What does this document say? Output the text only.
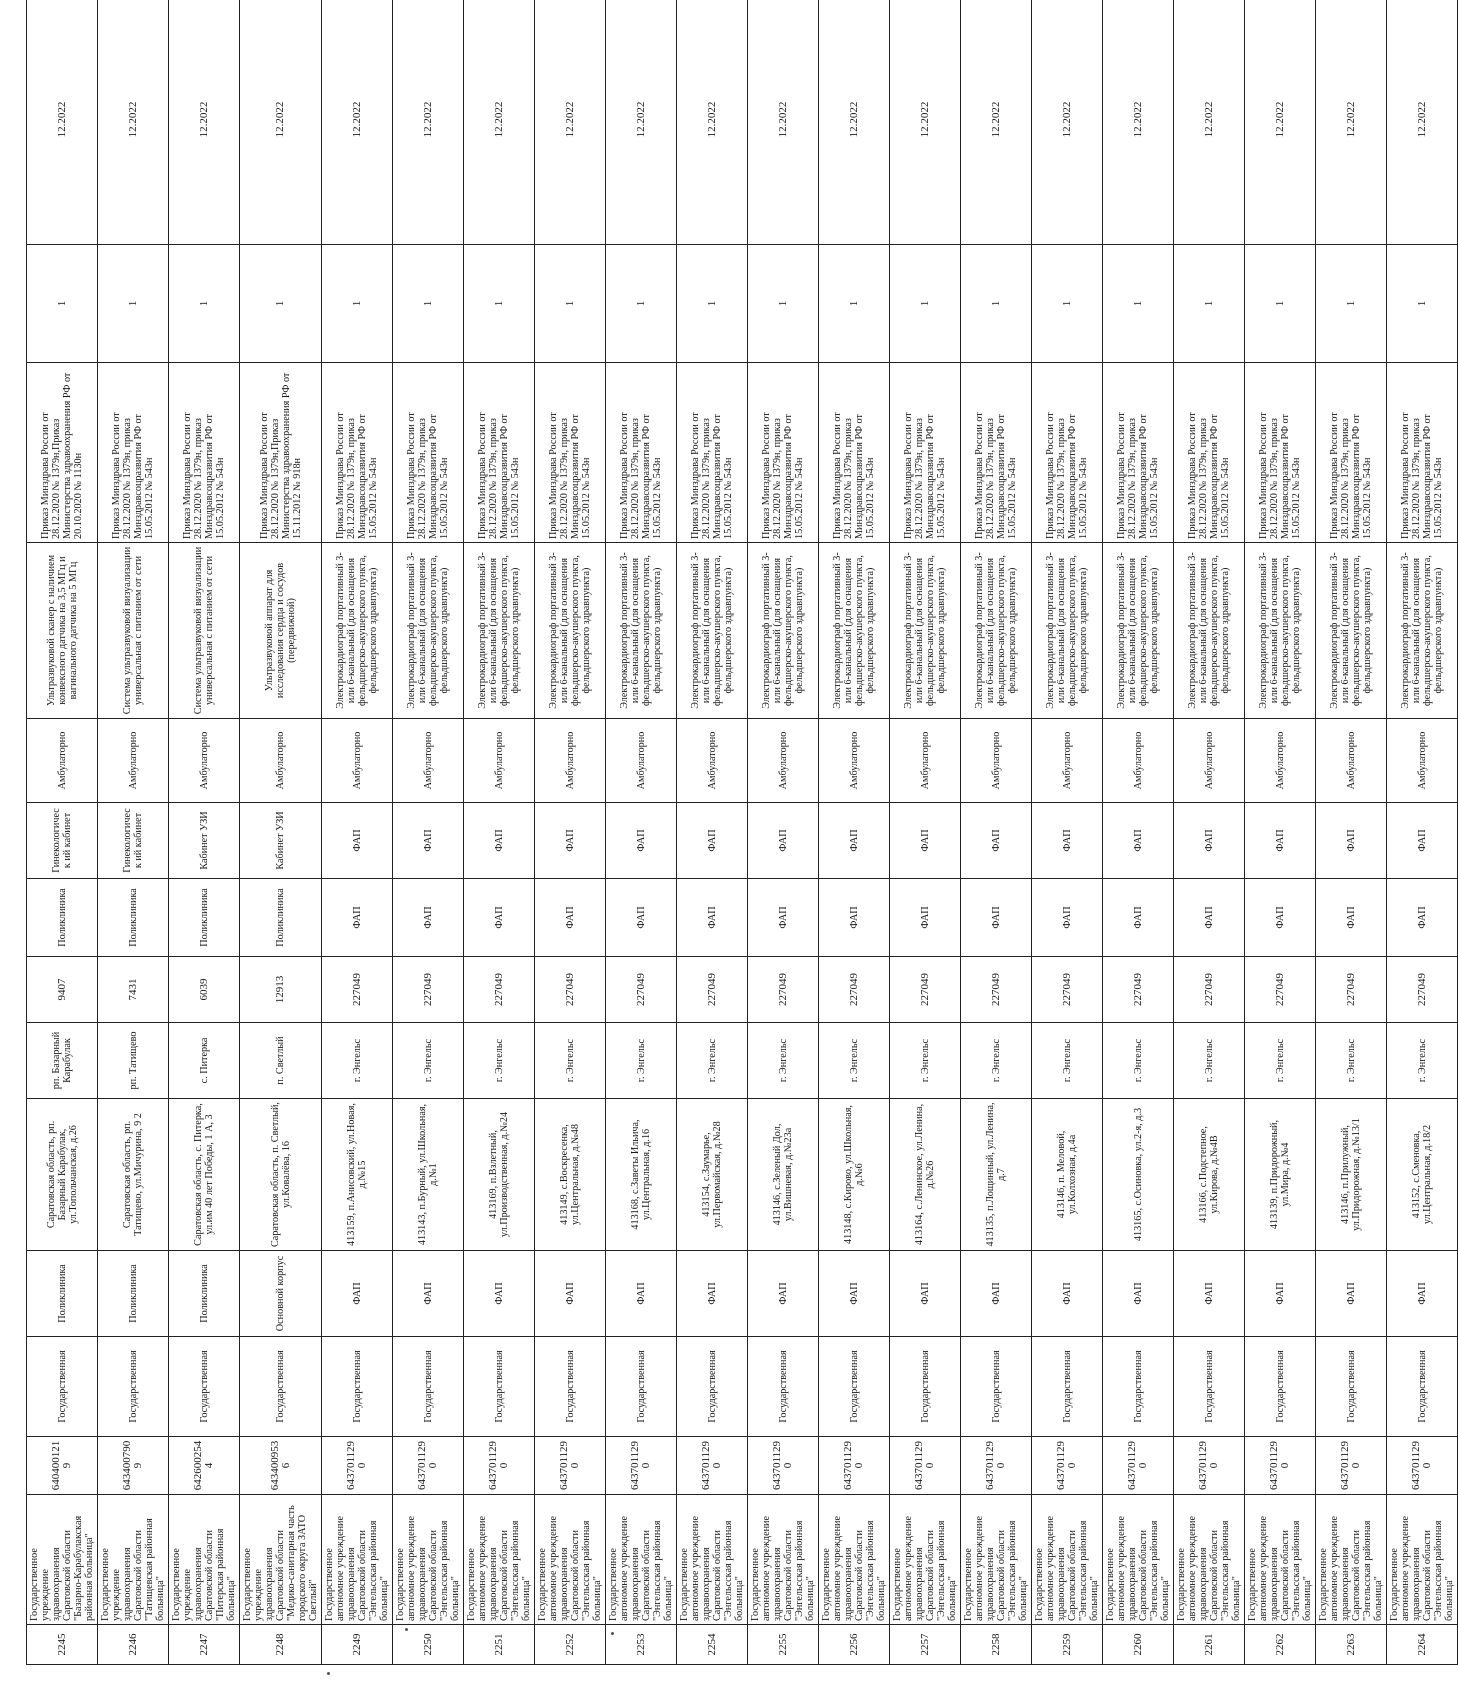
2245	Государственное учреждение здравоохранения Саратовской области "Базарно-Карабулакская районная больница"	6404001219	Государственная	Поликлиника	Саратовская область, рп. Базарный Карабулак, ул.Топольчанская, д.26	рп. Базарный Карабулак	9407	Поликлиника	Гинекологическ ий кабинет	Амбулаторно	Ультразвуковой сканер с наличием конвексного датчика на 3,5 МГц и вагинального датчика на 5 МГц	Приказ Минздрава России от 28.12.2020 № 1379н,Приказ Министерства здравоохранения РФ от 20.10.2020 № 1130н	1	12.2022
2246	Государственное учреждение здравоохранения Саратовской области "Татищевская районная больница"	6434007909	Государственная	Поликлиника	Саратовская область, рп. Татищево, ул.Мичурина, 9 2	рп. Татищево	7431	Поликлиника	Гинекологическ ий кабинет	Амбулаторно	Система ультразвуковой визуализации универсальная с питанием от сети	Приказ Минздрава России от 28.12.2020 № 1379н, приказ Минздравсоцразвития РФ от 15.05.2012 № 543н	1	12.2022
2247	Государственное учреждение здравоохранения Саратовской области "Питерская районная больница"	6426002544	Государственная	Поликлиника	Саратовская область, с. Питерка, ул.им 40 лет Победы, 1 А, 3	с. Питерка	6039	Поликлиника	Кабинет УЗИ	Амбулаторно	Система ультразвуковой визуализации универсальная с питанием от сети	Приказ Минздрава России от 28.12.2020 № 1379н, приказ Минздравсоцразвития РФ от 15.05.2012 № 543н	1	12.2022
2248	Государственное учреждение здравоохранения Саратовской области "Медико-санитарная часть городского округа ЗАТО Светлый"	6434009536	Государственная	Основной корпус	Саратовская область, п. Светлый, ул.Ковалёва, 16	п. Светлый	12913	Поликлиника	Кабинет УЗИ	Амбулаторно	Ультразвуковой аппарат для исследования сердца и сосудов (передвижной)	Приказ Минздрава России от 28.12.2020 № 1379н,Приказ Министерства здравоохранения РФ от 15.11.2012 № 918н	1	12.2022
2249	Государственное автономное учреждение здравоохранения Саратовской области "Энгельсская районная больница"	6437011290	Государственная	ФАП	413159, п.Анисовский, ул.Новая, д.№15	г. Энгельс	227049	ФАП	ФАП	Амбулаторно	Электрокардиограф портативный 3-или 6-канальный (для оснащения фельдшерско-акушерского пункта, фельдшерского здравпункта)	Приказ Минздрава России от 28.12.2020 № 1379н, приказ Минздравсоцразвития РФ от 15.05.2012 № 543н	1	12.2022
2250	Государственное автономное учреждение здравоохранения Саратовской области "Энгельсская районная больница"	6437011290	Государственная	ФАП	413143, п.Бурный, ул.Школьная, д.№1	г. Энгельс	227049	ФАП	ФАП	Амбулаторно	Электрокардиограф портативный 3-или 6-канальный (для оснащения фельдшерско-акушерского пункта, фельдшерского здравпункта)	Приказ Минздрава России от 28.12.2020 № 1379н, приказ Минздравсоцразвития РФ от 15.05.2012 № 543н	1	12.2022
2251	Государственное автономное учреждение здравоохранения Саратовской области "Энгельсская районная больница"	6437011290	Государственная	ФАП	413169, п.Взлетный, ул.Производственная, д.№24	г. Энгельс	227049	ФАП	ФАП	Амбулаторно	Электрокардиограф портативный 3-или 6-канальный (для оснащения фельдшерско-акушерского пункта, фельдшерского здравпункта)	Приказ Минздрава России от 28.12.2020 № 1379н, приказ Минздравсоцразвития РФ от 15.05.2012 № 543н	1	12.2022
2252	Государственное автономное учреждение здравоохранения Саратовской области "Энгельсская районная больница"	6437011290	Государственная	ФАП	413149, с.Воскресенка, ул.Центральная, д.№48	г. Энгельс	227049	ФАП	ФАП	Амбулаторно	Электрокардиограф портативный 3-или 6-канальный (для оснащения фельдшерско-акушерского пункта, фельдшерского здравпункта)	Приказ Минздрава России от 28.12.2020 № 1379н, приказ Минздравсоцразвития РФ от 15.05.2012 № 543н	1	12.2022
2253	Государственное автономное учреждение здравоохранения Саратовской области "Энгельсская районная больница"	6437011290	Государственная	ФАП	413168, с.Заветы Ильича, ул.Центральная, д.16	г. Энгельс	227049	ФАП	ФАП	Амбулаторно	Электрокардиограф портативный 3-или 6-канальный (для оснащения фельдшерско-акушерского пункта, фельдшерского здравпункта)	Приказ Минздрава России от 28.12.2020 № 1379н, приказ Минздравсоцразвития РФ от 15.05.2012 № 543н	1	12.2022
2254	Государственное автономное учреждение здравоохранения Саратовской области "Энгельсская районная больница"	6437011290	Государственная	ФАП	413154, с.Заумарье, ул.Первомайская, д.№28	г. Энгельс	227049	ФАП	ФАП	Амбулаторно	Электрокардиограф портативный 3-или 6-канальный (для оснащения фельдшерско-акушерского пункта, фельдшерского здравпункта)	Приказ Минздрава России от 28.12.2020 № 1379н, приказ Минздравсоцразвития РФ от 15.05.2012 № 543н	1	12.2022
2255	Государственное автономное учреждение здравоохранения Саратовской области "Энгельсская районная больница"	6437011290	Государственная	ФАП	413146, с.Зеленый Дол, ул.Вишневая, д.№23а	г. Энгельс	227049	ФАП	ФАП	Амбулаторно	Электрокардиограф портативный 3-или 6-канальный (для оснащения фельдшерско-акушерского пункта, фельдшерского здравпункта)	Приказ Минздрава России от 28.12.2020 № 1379н, приказ Минздравсоцразвития РФ от 15.05.2012 № 543н	1	12.2022
2256	Государственное автономное учреждение здравоохранения Саратовской области "Энгельсская районная больница"	6437011290	Государственная	ФАП	413148, с.Кирово, ул.Школьная, д.№6	г. Энгельс	227049	ФАП	ФАП	Амбулаторно	Электрокардиограф портативный 3-или 6-канальный (для оснащения фельдшерско-акушерского пункта, фельдшерского здравпункта)	Приказ Минздрава России от 28.12.2020 № 1379н, приказ Минздравсоцразвития РФ от 15.05.2012 № 543н	1	12.2022
2257	Государственное автономное учреждение здравоохранения Саратовской области "Энгельсская районная больница"	6437011290	Государственная	ФАП	413164, с.Ленинское, ул.Ленина, д.№26	г. Энгельс	227049	ФАП	ФАП	Амбулаторно	Электрокардиограф портативный 3-или 6-канальный (для оснащения фельдшерско-акушерского пункта, фельдшерского здравпункта)	Приказ Минздрава России от 28.12.2020 № 1379н, приказ Минздравсоцразвития РФ от 15.05.2012 № 543н	1	12.2022
2258	Государственное автономное учреждение здравоохранения Саратовской области "Энгельсская районная больница"	6437011290	Государственная	ФАП	413135, п.Лощинный, ул.Ленина, д.7	г. Энгельс	227049	ФАП	ФАП	Амбулаторно	Электрокардиограф портативный 3-или 6-канальный (для оснащения фельдшерско-акушерского пункта, фельдшерского здравпункта)	Приказ Минздрава России от 28.12.2020 № 1379н, приказ Минздравсоцразвития РФ от 15.05.2012 № 543н	1	12.2022
2259	Государственное автономное учреждение здравоохранения Саратовской области "Энгельсская районная больница"	6437011290	Государственная	ФАП	413146, п. Меловой, ул.Колхозная, д.4а	г. Энгельс	227049	ФАП	ФАП	Амбулаторно	Электрокардиограф портативный 3-или 6-канальный (для оснащения фельдшерско-акушерского пункта, фельдшерского здравпункта)	Приказ Минздрава России от 28.12.2020 № 1379н, приказ Минздравсоцразвития РФ от 15.05.2012 № 543н	1	12.2022
2260	Государственное автономное учреждение здравоохранения Саратовской области "Энгельсская районная больница"	6437011290	Государственная	ФАП	413165, с.Осиновка, ул.2-я, д.3	г. Энгельс	227049	ФАП	ФАП	Амбулаторно	Электрокардиограф портативный 3-или 6-канальный (для оснащения фельдшерско-акушерского пункта, фельдшерского здравпункта)	Приказ Минздрава России от 28.12.2020 № 1379н, приказ Минздравсоцразвития РФ от 15.05.2012 № 543н	1	12.2022
2261	Государственное автономное учреждение здравоохранения Саратовской области "Энгельсская районная больница"	6437011290	Государственная	ФАП	413166, с.Подстепное, ул.Кирова, д.№4В	г. Энгельс	227049	ФАП	ФАП	Амбулаторно	Электрокардиограф портативный 3-или 6-канальный (для оснащения фельдшерско-акушерского пункта, фельдшерского здравпункта)	Приказ Минздрава России от 28.12.2020 № 1379н, приказ Минздравсоцразвития РФ от 15.05.2012 № 543н	1	12.2022
2262	Государственное автономное учреждение здравоохранения Саратовской области "Энгельсская районная больница"	6437011290	Государственная	ФАП	413139, п.Придорожный, ул.Мира, д.№4	г. Энгельс	227049	ФАП	ФАП	Амбулаторно	Электрокардиограф портативный 3-или 6-канальный (для оснащения фельдшерско-акушерского пункта, фельдшерского здравпункта)	Приказ Минздрава России от 28.12.2020 № 1379н, приказ Минздравсоцразвития РФ от 15.05.2012 № 543н	1	12.2022
2263	Государственное автономное учреждение здравоохранения Саратовской области "Энгельсская районная больница"	6437011290	Государственная	ФАП	413146, п.Прилужный, ул.Придорожная, д.№13/1	г. Энгельс	227049	ФАП	ФАП	Амбулаторно	Электрокардиограф портативный 3-или 6-канальный (для оснащения фельдшерско-акушерского пункта, фельдшерского здравпункта)	Приказ Минздрава России от 28.12.2020 № 1379н, приказ Минздравсоцразвития РФ от 15.05.2012 № 543н	1	12.2022
2264	Государственное автономное учреждение здравоохранения Саратовской области "Энгельсская районная больница"	6437011290	Государственная	ФАП	413152, с.Сменовка, ул.Центральная, д.18/2	г. Энгельс	227049	ФАП	ФАП	Амбулаторно	Электрокардиограф портативный 3-или 6-канальный (для оснащения фельдшерско-акушерского пункта, фельдшерского здравпункта)	Приказ Минздрава России от 28.12.2020 № 1379н, приказ Минздравсоцразвития РФ от 15.05.2012 № 543н	1	12.2022
